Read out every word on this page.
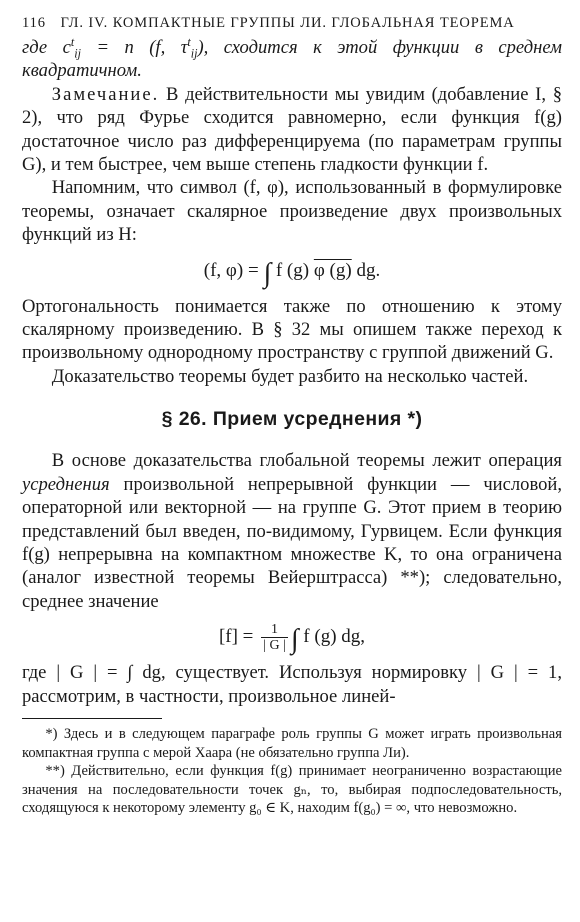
116 ГЛ. IV. КОМПАКТНЫЕ ГРУППЫ ЛИ. ГЛОБАЛЬНАЯ ТЕОРЕМА

где $c^t_{ij} = n$ (f, $\tau^t_{ij}$), сходится к этой функции в среднем квадратичном.

Замечание. В действительности мы увидим (добавление I, § 2), что ряд Фурье сходится равномерно, если функция f(g) достаточное число раз дифференцируема (по параметрам группы G), и тем быстрее, чем выше степень гладкости функции f.

Напомним, что символ (f, φ), использованный в формулировке теоремы, означает скалярное произведение двух произвольных функций из H:

(f, φ) = ∫ f (g) φ (g) dg.

Ортогональность понимается также по отношению к этому скалярному произведению. В § 32 мы опишем также переход к произвольному однородному пространству с группой движений G.

Доказательство теоремы будет разбито на несколько частей.

§ 26. Прием усреднения *)

В основе доказательства глобальной теоремы лежит операция усреднения произвольной непрерывной функции — числовой, операторной или векторной — на группе G. Этот прием в теорию представлений был введен, по-видимому, Гурвицем. Если функция f(g) непрерывна на компактном множестве K, то она ограничена (аналог известной теоремы Вейерштрасса) **); следовательно, среднее значение

$[f] = \frac{1}{| G |}$ ∫ f (g) dg,

где | G | = ∫ dg, существует. Используя нормировку | G | = 1, рассмотрим, в частности, произвольное линей-

*) Здесь и в следующем параграфе роль группы G может играть произвольная компактная группа с мерой Хаара (не обязательно группа Ли).

**) Действительно, если функция f(g) принимает неограниченно возрастающие значения на последовательности точек gₙ, то, выбирая подпоследовательность, сходящуюся к некоторому элементу g₀ ∈ K, находим f(g₀) = ∞, что невозможно.
